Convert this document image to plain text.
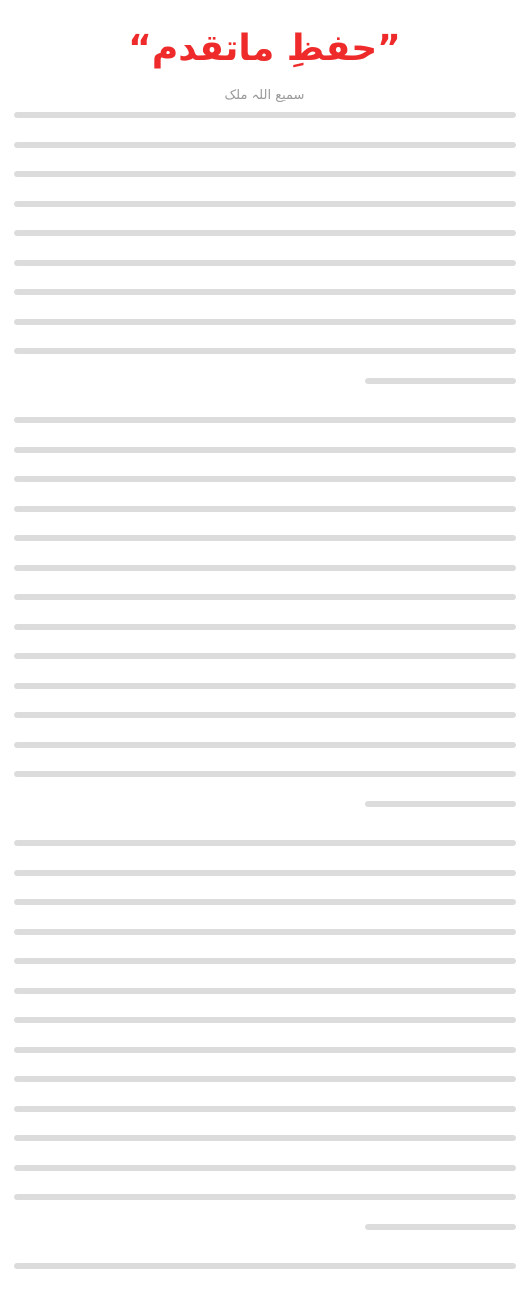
”حفظِ ماتقدم“
سمیع اللہ ملک
